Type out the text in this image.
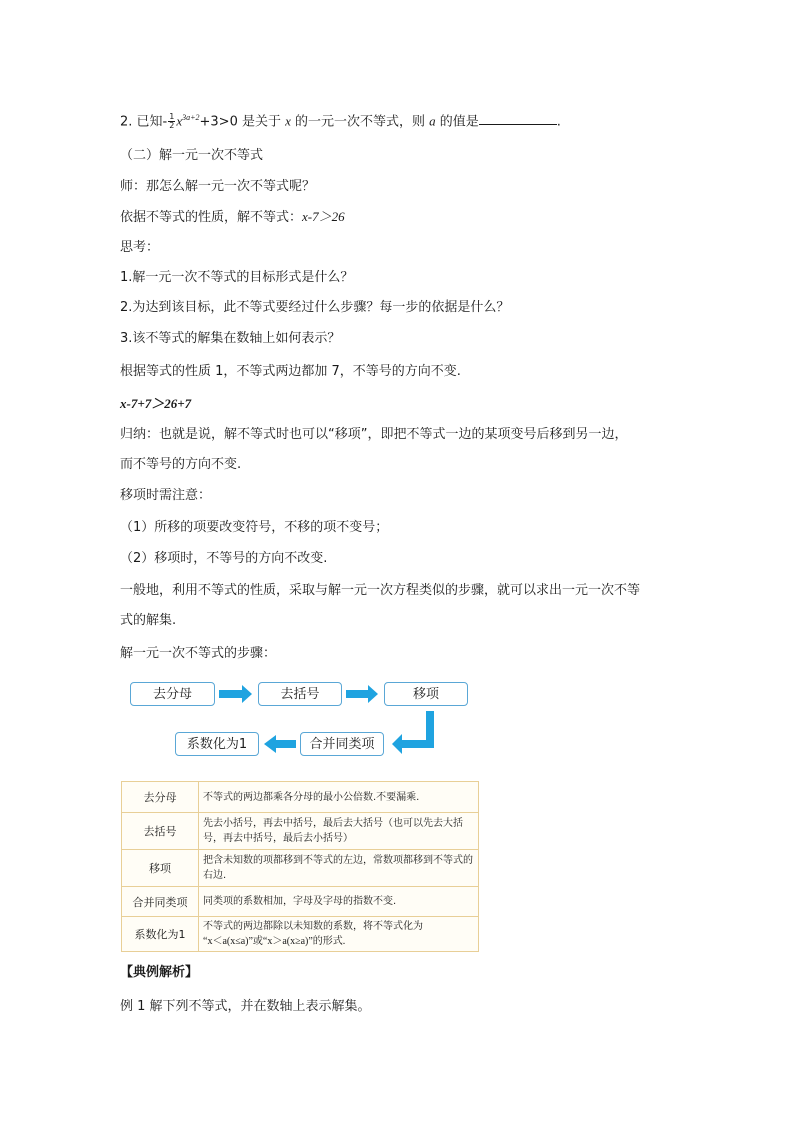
2. 已知- $\frac{1}{2} x^{3a+2}+3>0$ 是关于 x 的一元一次不等式，则 a 的值是	.
（二）解一元一次不等式
师：那怎么解一元一次不等式呢？
依据不等式的性质，解不等式：x-7＞26
思考：
1.解一元一次不等式的目标形式是什么？
2.为达到该目标，此不等式要经过什么步骤？每一步的依据是什么？
3.该不等式的解集在数轴上如何表示？
根据等式的性质 1，不等式两边都加 7，不等号的方向不变.
x-7+7＞26+7
归纳：也就是说，解不等式时也可以“移项”，即把不等式一边的某项变号后移到另一边，
而不等号的方向不变.
移项时需注意：
（1）所移的项要改变符号，不移的项不变号；
（2）移项时，不等号的方向不改变.
一般地，利用不等式的性质，采取与解一元一次方程类似的步骤，就可以求出一元一次不等
式的解集.
解一元一次不等式的步骤：
去分母	去括号	移项
合并同类项
系数化为1
去分母	不等式的两边都乘各分母的最小公倍数.不要漏乘.
去括号	先去小括号，再去中括号，最后去大括号（也可以先去大括号，再去中括号，最后去小括号）
移项	把含未知数的项都移到不等式的左边，常数项都移到不等式的右边.
合并同类项	同类项的系数相加，字母及字母的指数不变.
系数化为1	不等式的两边都除以未知数的系数，将不等式化为
“x＜a(x≤a)”或“x＞a(x≥a)”的形式.
【典例解析】
例 1 解下列不等式，并在数轴上表示解集。
